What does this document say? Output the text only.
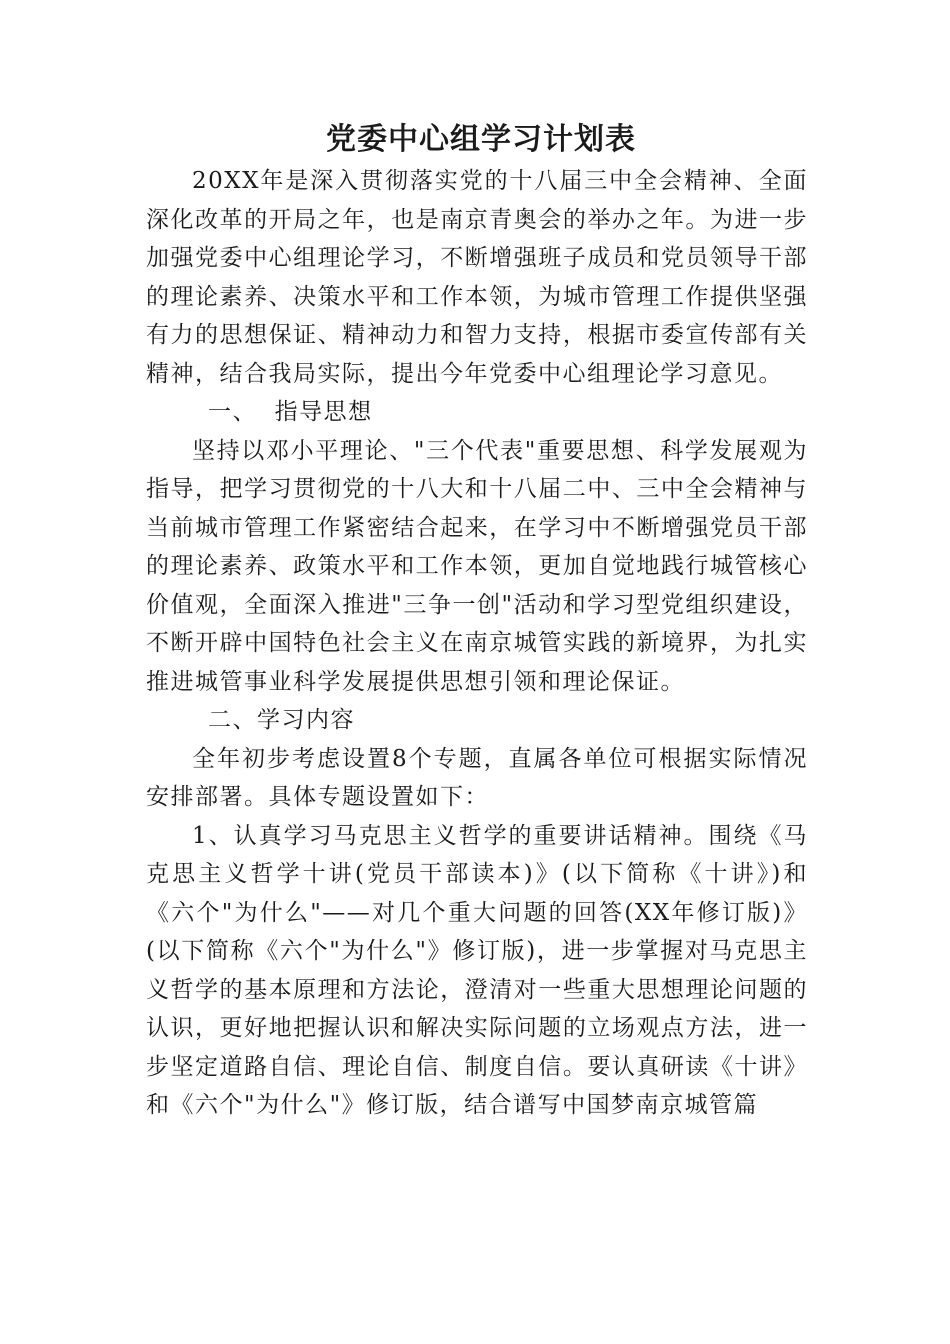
党委中心组学习计划表

20XX年是深入贯彻落实党的十八届三中全会精神、全面深化改革的开局之年，也是南京青奥会的举办之年。为进一步加强党委中心组理论学习，不断增强班子成员和党员领导干部的理论素养、决策水平和工作本领，为城市管理工作提供坚强有力的思想保证、精神动力和智力支持，根据市委宣传部有关精神，结合我局实际，提出今年党委中心组理论学习意见。

一、  指导思想

坚持以邓小平理论、"三个代表"重要思想、科学发展观为指导，把学习贯彻党的十八大和十八届二中、三中全会精神与当前城市管理工作紧密结合起来，在学习中不断增强党员干部的理论素养、政策水平和工作本领，更加自觉地践行城管核心价值观，全面深入推进"三争一创"活动和学习型党组织建设，不断开辟中国特色社会主义在南京城管实践的新境界，为扎实推进城管事业科学发展提供思想引领和理论保证。

二、学习内容

全年初步考虑设置8个专题，直属各单位可根据实际情况安排部署。具体专题设置如下：

1、认真学习马克思主义哲学的重要讲话精神。围绕《马克思主义哲学十讲(党员干部读本)》(以下简称《十讲》)和《六个"为什么"——对几个重大问题的回答(XX年修订版)》(以下简称《六个"为什么"》修订版)，进一步掌握对马克思主义哲学的基本原理和方法论，澄清对一些重大思想理论问题的认识，更好地把握认识和解决实际问题的立场观点方法，进一步坚定道路自信、理论自信、制度自信。要认真研读《十讲》和《六个"为什么"》修订版，结合谱写中国梦南京城管篇
